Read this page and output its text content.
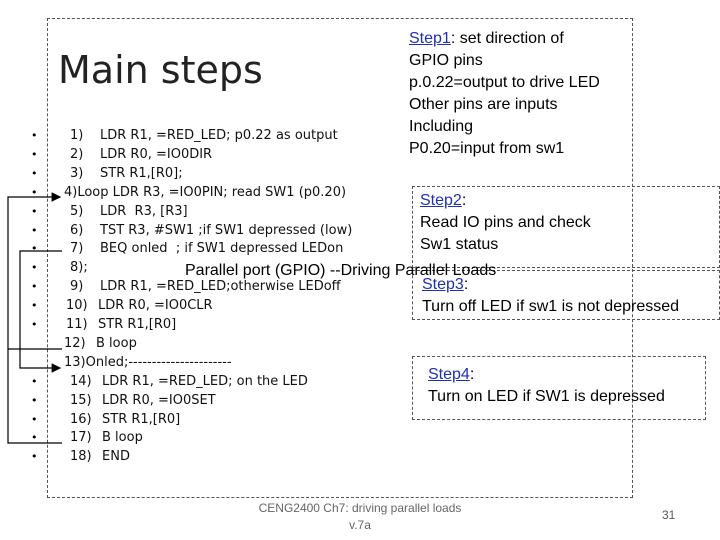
Main steps
•	1) LDR R1, =RED_LED; p0.22 as output
•	2) LDR R0, =IO0DIR
•	3) STR R1,[R0];
• 4)Loop LDR R3, =IO0PIN; read SW1 (p0.20)
•	5) LDR  R3, [R3]
•	6) TST R3, #SW1 ;if SW1 depressed (low)
•	7) BEQ onled  ; if SW1 depressed LEDon
•	8);
•	9) LDR R1, =RED_LED;otherwise LEDoff
• 10) LDR R0, =IO0CLR
• 11) STR R1,[R0]
12) B loop
13)Onled;----------------------
•	14) LDR R1, =RED_LED; on the LED
•	15) LDR R0, =IO0SET
•	16) STR R1,[R0]
•	17) B loop
•	18) END
Step1: set direction of
GPIO pins
p.0.22=output to drive LED
Other pins are inputs
Including
P0.20=input from sw1
Step2:
Read IO pins and check
Sw1 status
Parallel port (GPIO) --Driving Parallel Loads
Step3:
Turn off LED if sw1 is not depressed
Step4:
Turn on LED if SW1 is depressed
CENG2400 Ch7: driving parallel loads
v.7a
31
